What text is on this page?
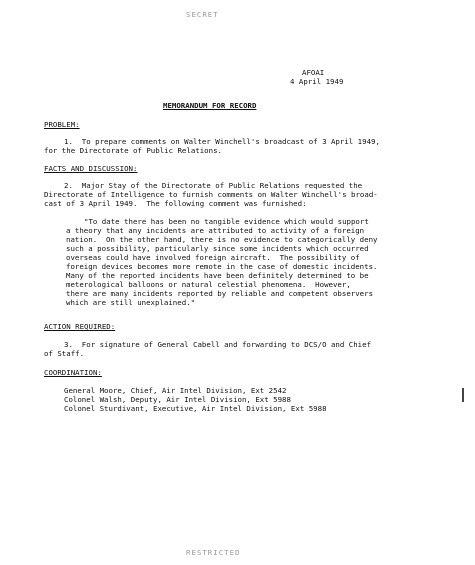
SECRET
AFOAI
4 April 1949
MEMORANDUM FOR RECORD
PROBLEM:
1.  To prepare comments on Walter Winchell's broadcast of 3 April 1949,
for the Directorate of Public Relations.
FACTS AND DISCUSSION:
2.  Major Stay of the Directorate of Public Relations requested the
Directorate of Intelligence to furnish comments on Walter Winchell's broad-
cast of 3 April 1949.  The following comment was furnished:
"To date there has been no tangible evidence which would support
a theory that any incidents are attributed to activity of a foreign
nation.  On the other hand, there is no evidence to categorically deny
such a possibility, particularly since some incidents which occurred
overseas could have involved foreign aircraft.  The possibility of
foreign devices becomes more remote in the case of domestic incidents.
Many of the reported incidents have been definitely determined to be
meterological balloons or natural celestial phenomena.  However,
there are many incidents reported by reliable and competent observers
which are still unexplained."
ACTION REQUIRED:
3.  For signature of General Cabell and forwarding to DCS/O and Chief
of Staff.
COORDINATION:
General Moore, Chief, Air Intel Division, Ext 2542
Colonel Walsh, Deputy, Air Intel Division, Ext 5988
Colonel Sturdivant, Executive, Air Intel Division, Ext 5988
RESTRICTED
